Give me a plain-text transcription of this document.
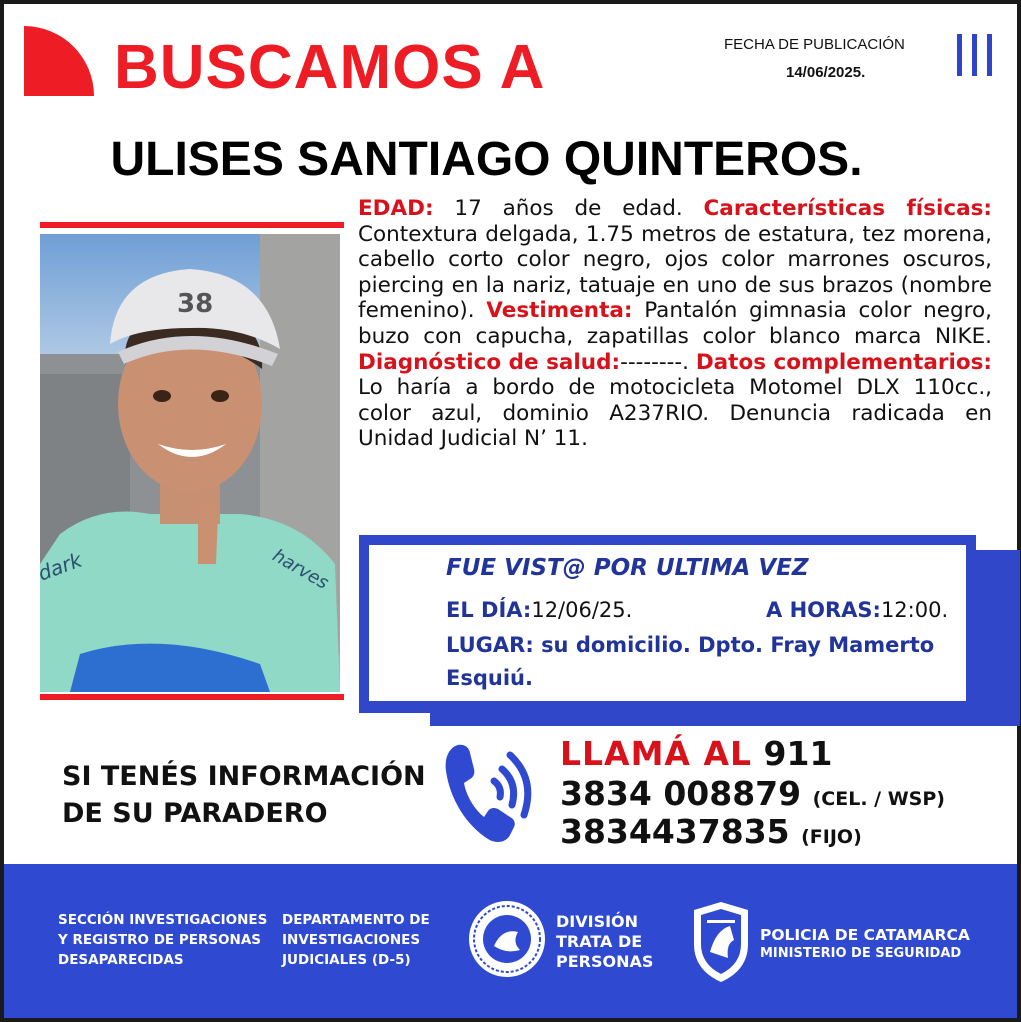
BUSCAMOS A	FECHA DE PUBLICACIÓN
14/06/2025.
ULISES SANTIAGO QUINTEROS.
38
dark	harves
EDAD: 17 años de edad. Características físicas: Contextura delgada, 1.75 metros de estatura, tez morena, cabello corto color negro, ojos color marrones oscuros, piercing en la nariz, tatuaje en uno de sus brazos (nombre femenino). Vestimenta: Pantalón gimnasia color negro, buzo con capucha, zapatillas color blanco marca NIKE. Diagnóstico de salud:--------. Datos complementarios: Lo haría a bordo de motocicleta Motomel DLX 110cc., color azul, dominio A237RIO. Denuncia radicada en Unidad Judicial N’ 11.
FUE VIST@ POR ULTIMA VEZ
EL DÍA:12/06/25.	A HORAS:12:00.
LUGAR: su domicilio. Dpto. Fray Mamerto Esquiú.
SI TENÉS INFORMACIÓN
DE SU PARADERO
LLAMÁ AL 911
3834 008879 (CEL. / WSP)
3834437835 (FIJO)
SECCIÓN INVESTIGACIONES
Y REGISTRO DE PERSONAS
DESAPARECIDAS
DEPARTAMENTO DE
INVESTIGACIONES
JUDICIALES (D-5)
DIVISIÓN
TRATA DE
PERSONAS
POLICIA DE CATAMARCA
MINISTERIO DE SEGURIDAD
